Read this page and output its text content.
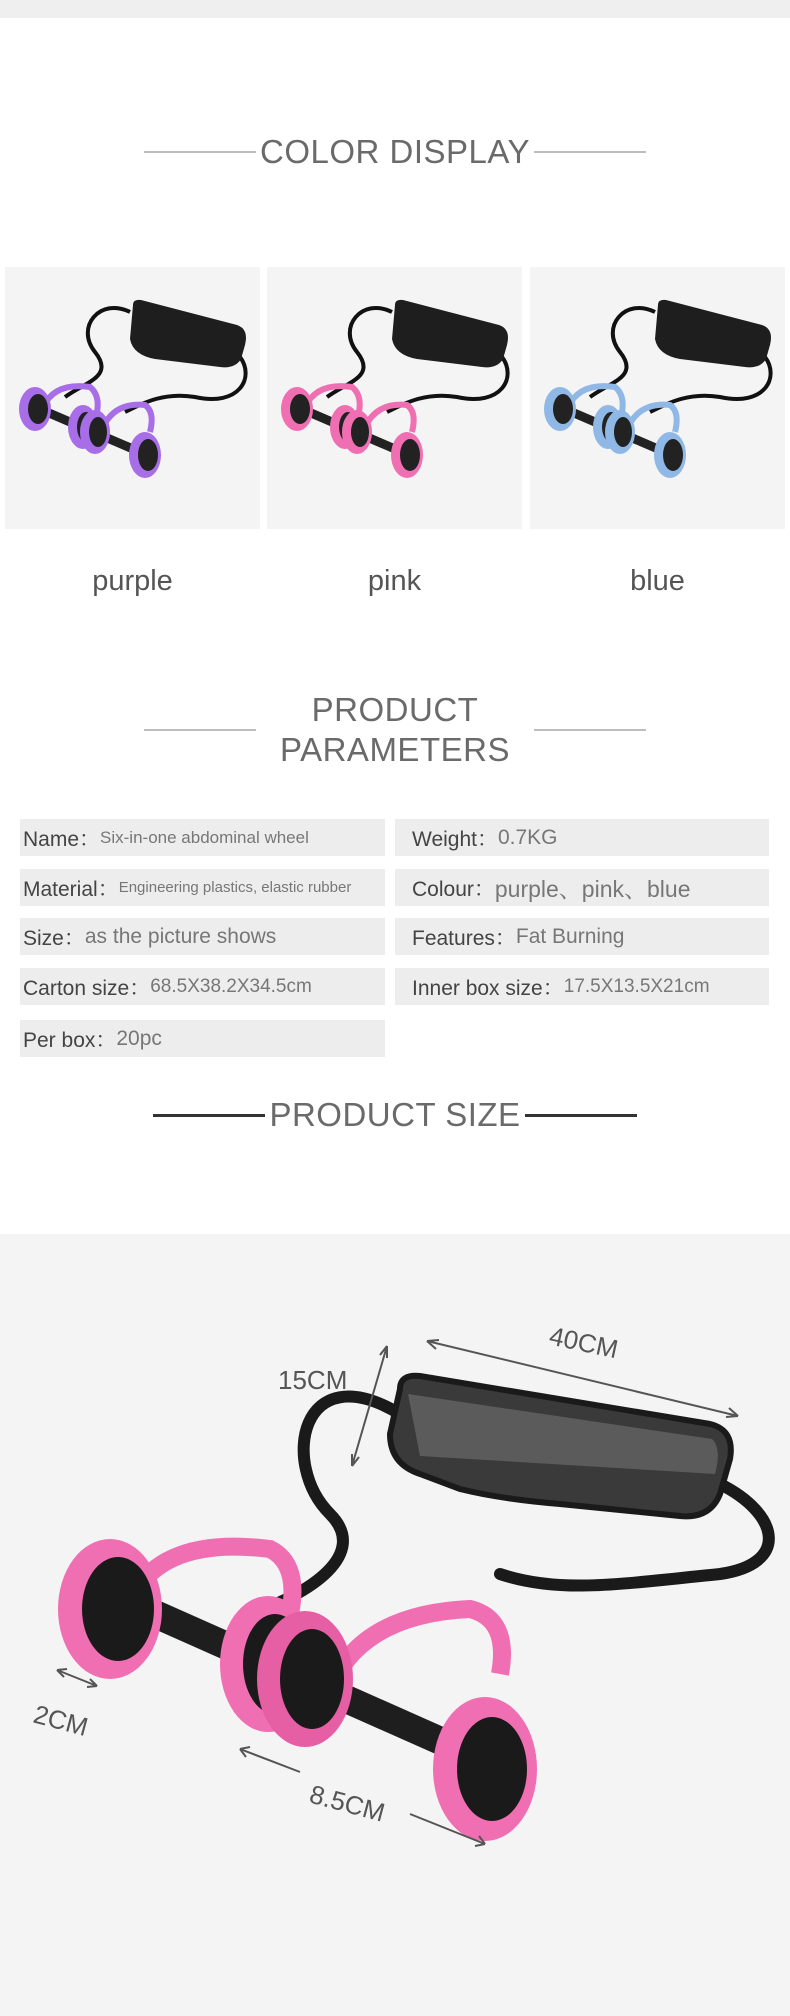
COLOR DISPLAY
purple	pink	blue
PRODUCT PARAMETERS
Name： Six-in-one abdominal wheel	Weight： 0.7KG
Material： Engineering plastics, elastic rubber	Colour： purple、pink、blue
Size： as the picture shows	Features： Fat Burning
Carton size： 68.5X38.2X34.5cm	Inner box size： 17.5X13.5X21cm
Per box： 20pc
PRODUCT SIZE
40CM
15CM
2CM
8.5CM
